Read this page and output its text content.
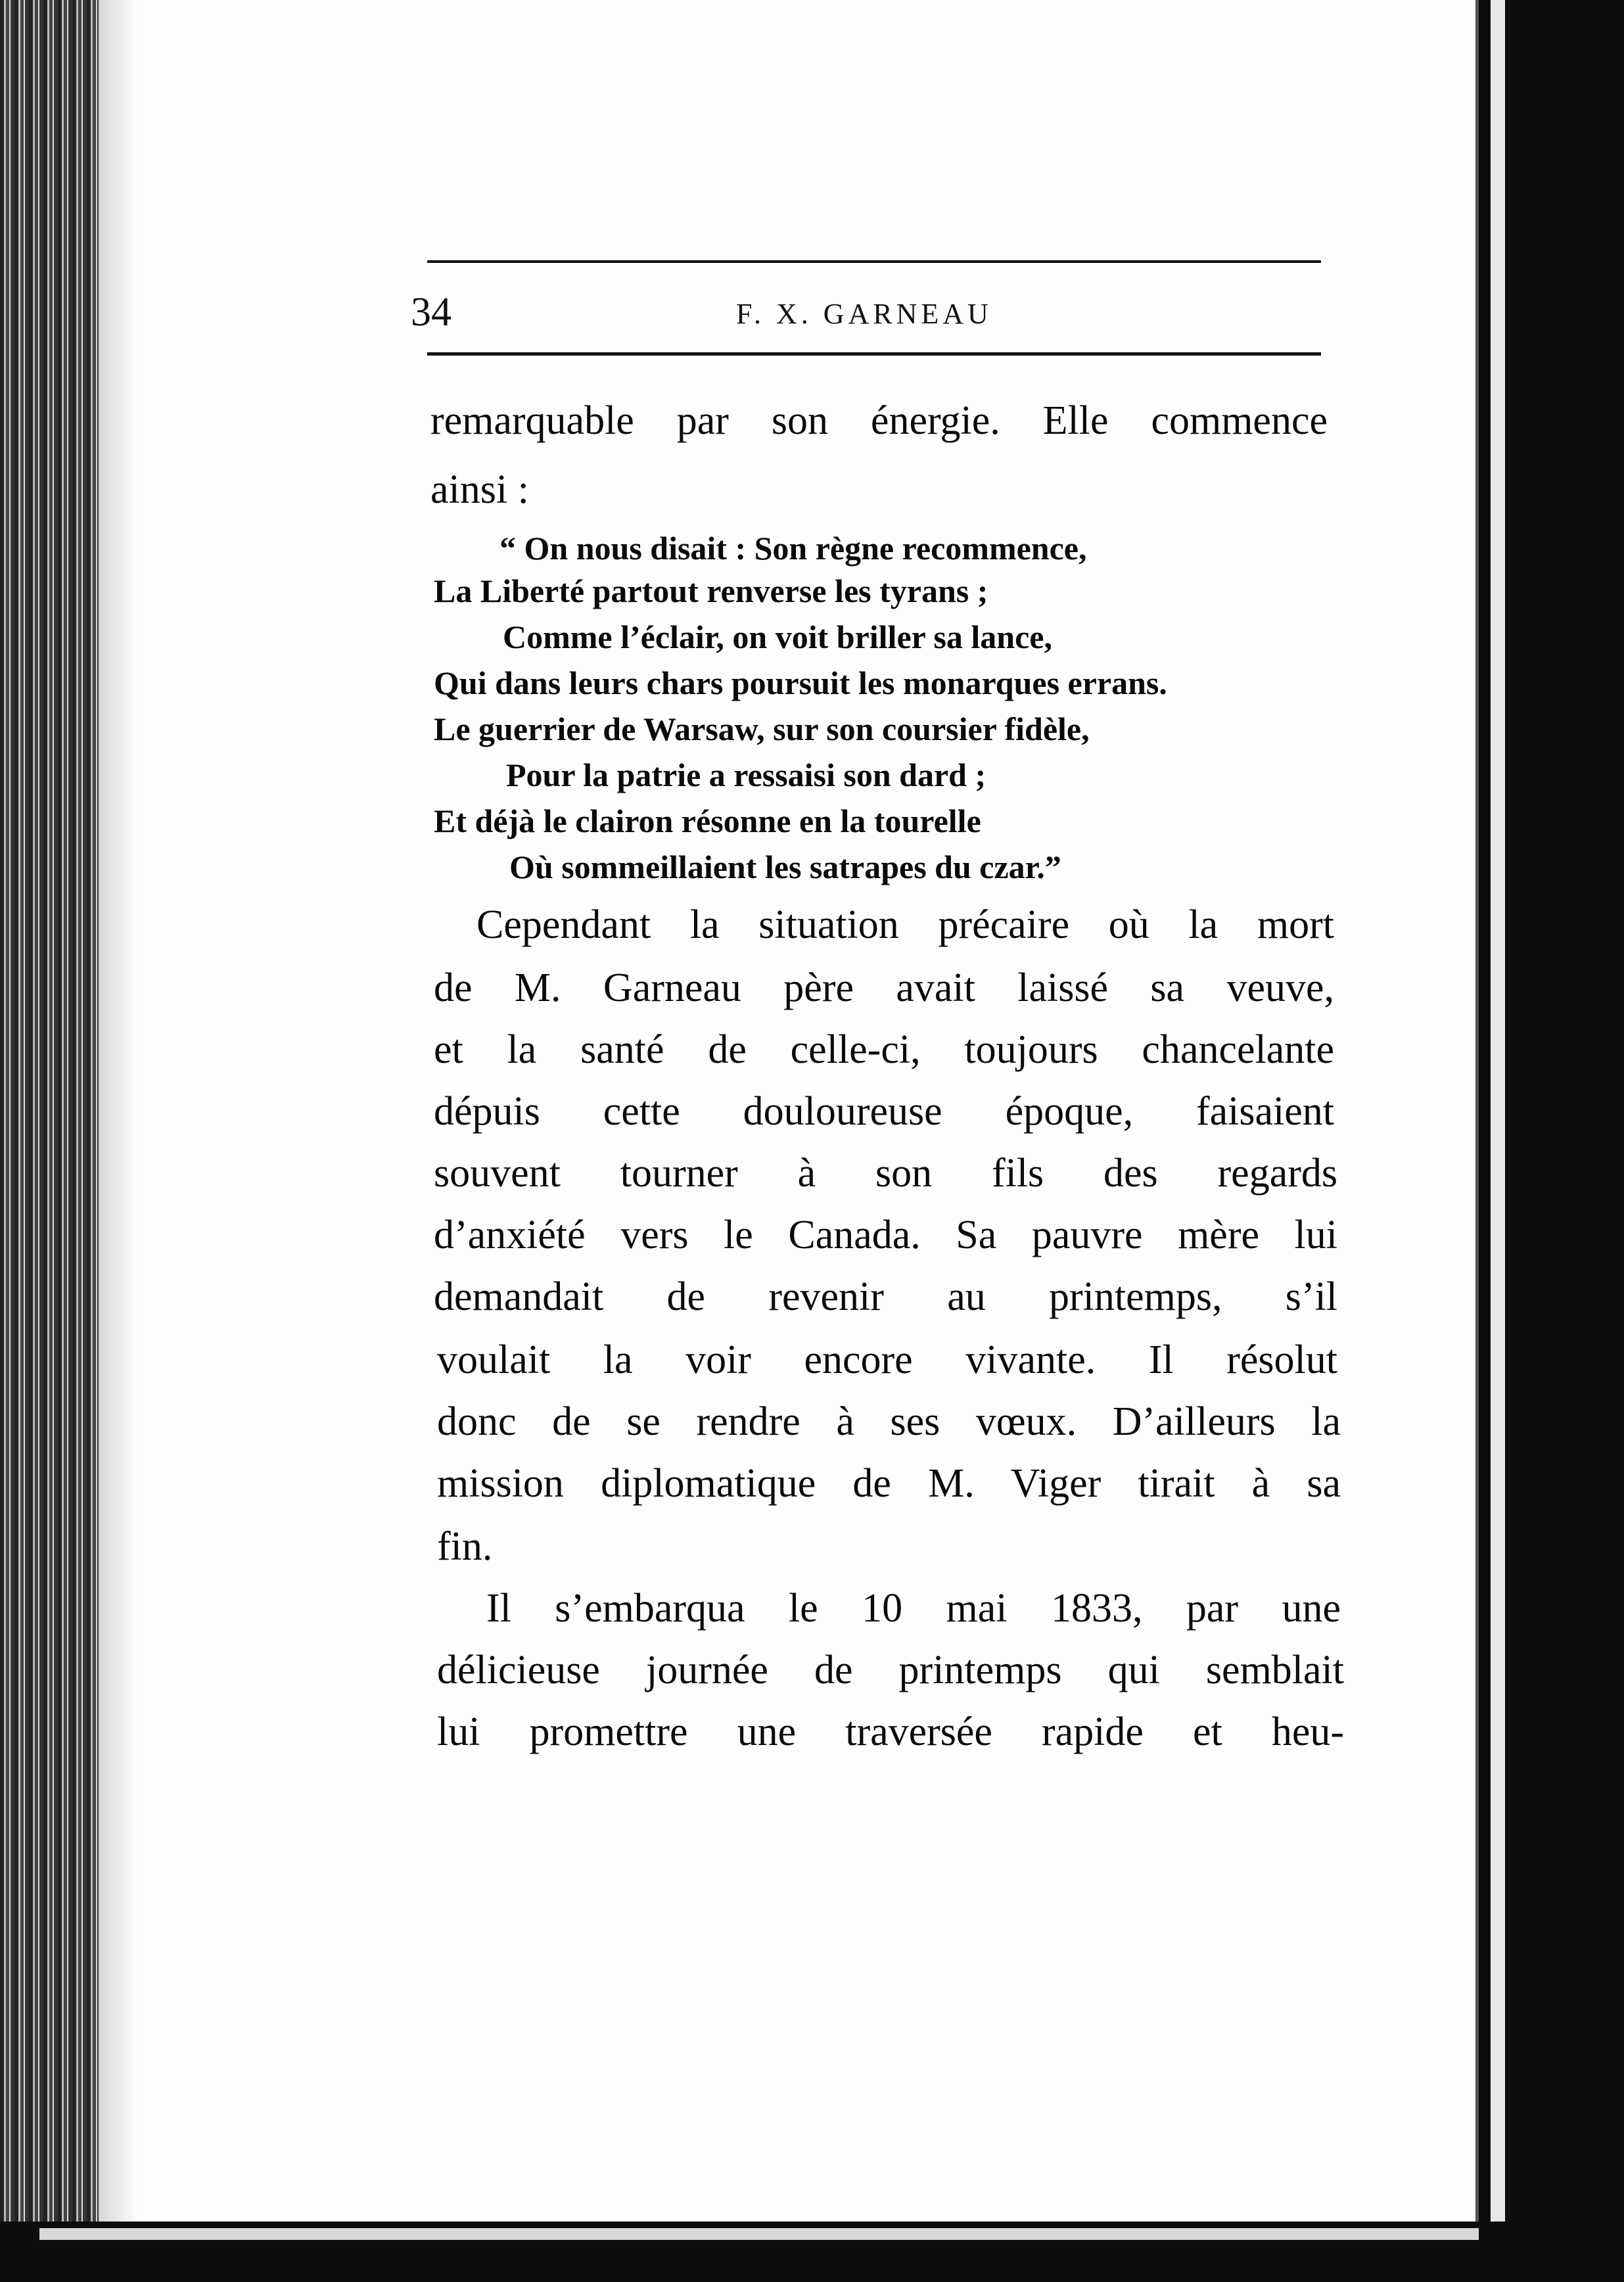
34	F. X. GARNEAU
remarquable par son énergie. Elle commence
ainsi :
“ On nous disait : Son règne recommence,
La Liberté partout renverse les tyrans ;
Comme l’éclair, on voit briller sa lance,
Qui dans leurs chars poursuit les monarques errans.
Le guerrier de Warsaw, sur son coursier fidèle,
Pour la patrie a ressaisi son dard ;
Et déjà le clairon résonne en la tourelle
Où sommeillaient les satrapes du czar.”
Cependant la situation précaire où la mort
de M. Garneau père avait laissé sa veuve,
et la santé de celle-ci, toujours chancelante
dépuis cette douloureuse époque, faisaient
souvent tourner à son fils des regards
d’anxiété vers le Canada. Sa pauvre mère lui
demandait de revenir au printemps, s’il
voulait la voir encore vivante. Il résolut
donc de se rendre à ses vœux. D’ailleurs la
mission diplomatique de M. Viger tirait à sa
fin.
Il s’embarqua le 10 mai 1833, par une
délicieuse journée de printemps qui semblait
lui promettre une traversée rapide et heu-
